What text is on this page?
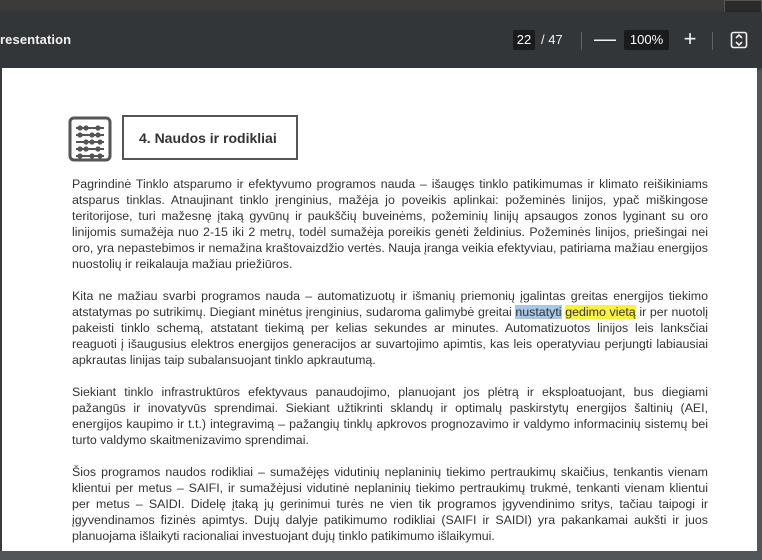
resentation	22 / 47 —	100% +
4. Naudos ir rodikliai

Pagrindinė Tinklo atsparumo ir efektyvumo programos nauda – išaugęs tinklo patikimumas ir klimato reišikiniams atsparus tinklas. Atnaujinant tinklo įrenginius, mažėja jo poveikis aplinkai: požeminės linijos, ypač miškingose teritorijose, turi mažesnę įtaką gyvūnų ir paukščių buveinėms, požeminių linijų apsaugos zonos lyginant su oro linijomis sumažėja nuo 2-15 iki 2 metrų, todėl sumažėja poreikis genėti želdinius. Požeminės linijos, priešingai nei oro, yra nepastebimos ir nemažina kraštovaizdžio vertės. Nauja įranga veikia efektyviau, patiriama mažiau energijos nuostolių ir reikalauja mažiau priežiūros.

Kita ne mažiau svarbi programos nauda – automatizuotų ir išmanių priemonių įgalintas greitas energijos tiekimo atstatymas po sutrikimų. Diegiant minėtus įrenginius, sudaroma galimybė greitai nustatyti gedimo vietą ir per nuotolį pakeisti tinklo schemą, atstatant tiekimą per kelias sekundes ar minutes. Automatizuotos linijos leis lanksčiai reaguoti į išaugusius elektros energijos generacijos ar suvartojimo apimtis, kas leis operatyviau perjungti labiausiai apkrautas linijas taip subalansuojant tinklo apkrautumą.

Siekiant tinklo infrastruktūros efektyvaus panaudojimo, planuojant jos plėtrą ir eksploatuojant, bus diegiami pažangūs ir inovatyvūs sprendimai. Siekiant užtikrinti sklandų ir optimalų paskirstytų energijos šaltinių (AEI, energijos kaupimo ir t.t.) integravimą – pažangių tinklų apkrovos prognozavimo ir valdymo informacinių sistemų bei turto valdymo skaitmenizavimo sprendimai.

Šios programos naudos rodikliai – sumažėjęs vidutinių neplaninių tiekimo pertraukimų skaičius, tenkantis vienam klientui per metus – SAIFI, ir sumažėjusi vidutinė neplaninių tiekimo pertraukimų trukmė, tenkanti vienam klientui per metus – SAIDI. Didelę įtaką jų gerinimui turės ne vien tik programos įgyvendinimo sritys, tačiau taipogi ir įgyvendinamos fizinės apimtys. Dujų dalyje patikimumo rodikliai (SAIFI ir SAIDI) yra pakankamai aukšti ir juos planuojama išlaikyti racionaliai investuojant dujų tinklo patikimumo išlaikymui.
